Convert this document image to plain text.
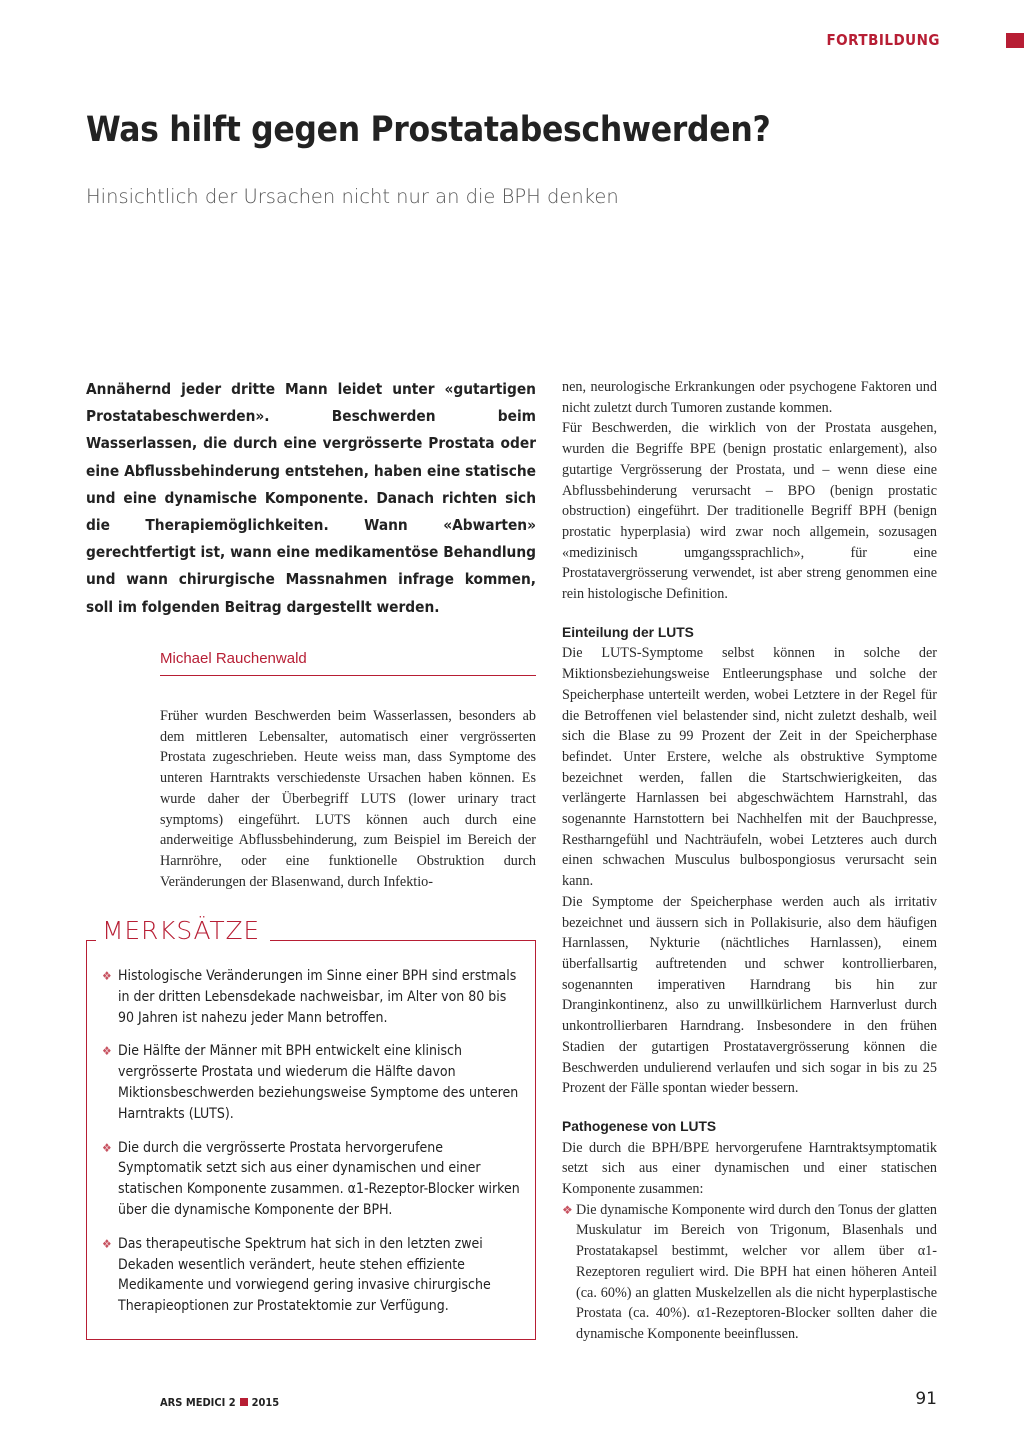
FORTBILDUNG
Was hilft gegen Prostatabeschwerden?
Hinsichtlich der Ursachen nicht nur an die BPH denken

Annähernd jeder dritte Mann leidet unter «gutartigen Prostatabeschwerden». Beschwerden beim Wasserlassen, die durch eine vergrösserte Prostata oder eine Abflussbehinderung entstehen, haben eine statische und eine dynamische Komponente. Danach richten sich die Therapiemöglichkeiten. Wann «Abwarten» gerechtfertigt ist, wann eine medikamentöse Behandlung und wann chirurgische Massnahmen infrage kommen, soll im folgenden Beitrag dargestellt werden.

Michael Rauchenwald

Früher wurden Beschwerden beim Wasserlassen, besonders ab dem mittleren Lebensalter, automatisch einer vergrösserten Prostata zugeschrieben. Heute weiss man, dass Symptome des unteren Harntrakts verschiedenste Ursachen haben können. Es wurde daher der Überbegriff LUTS (lower urinary tract symptoms) eingeführt. LUTS können auch durch eine anderweitige Abflussbehinderung, zum Beispiel im Bereich der Harnröhre, oder eine funktionelle Obstruktion durch Veränderungen der Blasenwand, durch Infektio-

MERKSÄTZE
❖ Histologische Veränderungen im Sinne einer BPH sind erstmals in der dritten Lebensdekade nachweisbar, im Alter von 80 bis 90 Jahren ist nahezu jeder Mann betroffen.
❖ Die Hälfte der Männer mit BPH entwickelt eine klinisch vergrösserte Prostata und wiederum die Hälfte davon Miktionsbeschwerden beziehungsweise Symptome des unteren Harntrakts (LUTS).
❖ Die durch die vergrösserte Prostata hervorgerufene Symptomatik setzt sich aus einer dynamischen und einer statischen Komponente zusammen. α1-Rezeptor-Blocker wirken über die dynamische Komponente der BPH.
❖ Das therapeutische Spektrum hat sich in den letzten zwei Dekaden wesentlich verändert, heute stehen effiziente Medikamente und vorwiegend gering invasive chirurgische Therapieoptionen zur Prostatektomie zur Verfügung.

nen, neurologische Erkrankungen oder psychogene Faktoren und nicht zuletzt durch Tumoren zustande kommen.

Für Beschwerden, die wirklich von der Prostata ausgehen, wurden die Begriffe BPE (benign prostatic enlargement), also gutartige Vergrösserung der Prostata, und – wenn diese eine Abflussbehinderung verursacht – BPO (benign prostatic obstruction) eingeführt. Der traditionelle Begriff BPH (benign prostatic hyperplasia) wird zwar noch allgemein, sozusagen «medizinisch umgangssprachlich», für eine Prostatavergrösserung verwendet, ist aber streng genommen eine rein histologische Definition.

Einteilung der LUTS

Die LUTS-Symptome selbst können in solche der Miktionsbeziehungsweise Entleerungsphase und solche der Speicherphase unterteilt werden, wobei Letztere in der Regel für die Betroffenen viel belastender sind, nicht zuletzt deshalb, weil sich die Blase zu 99 Prozent der Zeit in der Speicherphase befindet. Unter Erstere, welche als obstruktive Symptome bezeichnet werden, fallen die Startschwierigkeiten, das verlängerte Harnlassen bei abgeschwächtem Harnstrahl, das sogenannte Harnstottern bei Nachhelfen mit der Bauchpresse, Restharngefühl und Nachträufeln, wobei Letzteres auch durch einen schwachen Musculus bulbospongiosus verursacht sein kann.

Die Symptome der Speicherphase werden auch als irritativ bezeichnet und äussern sich in Pollakisurie, also dem häufigen Harnlassen, Nykturie (nächtliches Harnlassen), einem überfallsartig auftretenden und schwer kontrollierbaren, sogenannten imperativen Harndrang bis hin zur Dranginkontinenz, also zu unwillkürlichem Harnverlust durch unkontrollierbaren Harndrang. Insbesondere in den frühen Stadien der gutartigen Prostatavergrösserung können die Beschwerden undulierend verlaufen und sich sogar in bis zu 25 Prozent der Fälle spontan wieder bessern.

Pathogenese von LUTS

Die durch die BPH/BPE hervorgerufene Harntraktsymptomatik setzt sich aus einer dynamischen und einer statischen Komponente zusammen:

❖ Die dynamische Komponente wird durch den Tonus der glatten Muskulatur im Bereich von Trigonum, Blasenhals und Prostatakapsel bestimmt, welcher vor allem über α1-Rezeptoren reguliert wird. Die BPH hat einen höheren Anteil (ca. 60%) an glatten Muskelzellen als die nicht hyperplastische Prostata (ca. 40%). α1-Rezeptoren-Blocker sollten daher die dynamische Komponente beeinflussen.

ARS MEDICI 2 2015	91
